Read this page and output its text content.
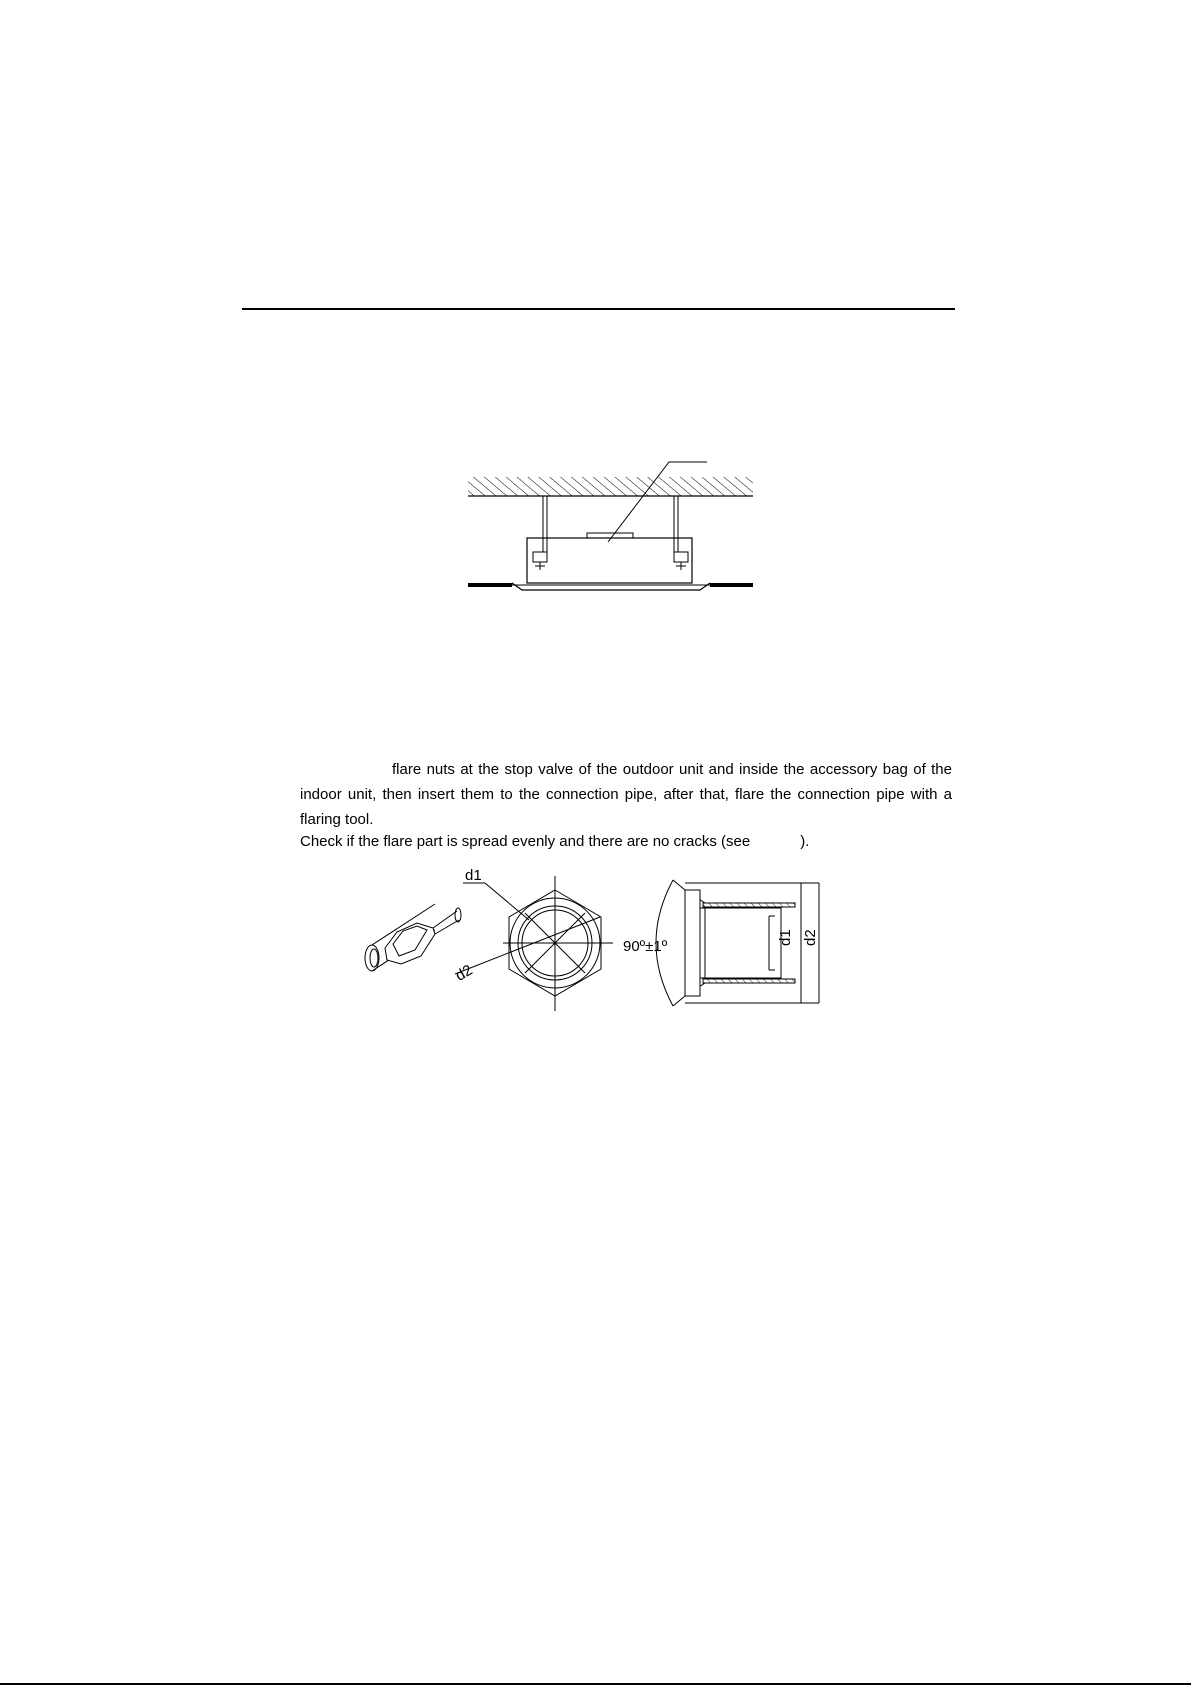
flare nuts at the stop valve of the outdoor unit and inside the accessory bag of the indoor unit, then insert them to the connection pipe, after that, flare the connection pipe with a flaring tool.

Check if the flare part is spread evenly and there are no cracks (see	).

d1
d2
90º±1º
d1 d2
